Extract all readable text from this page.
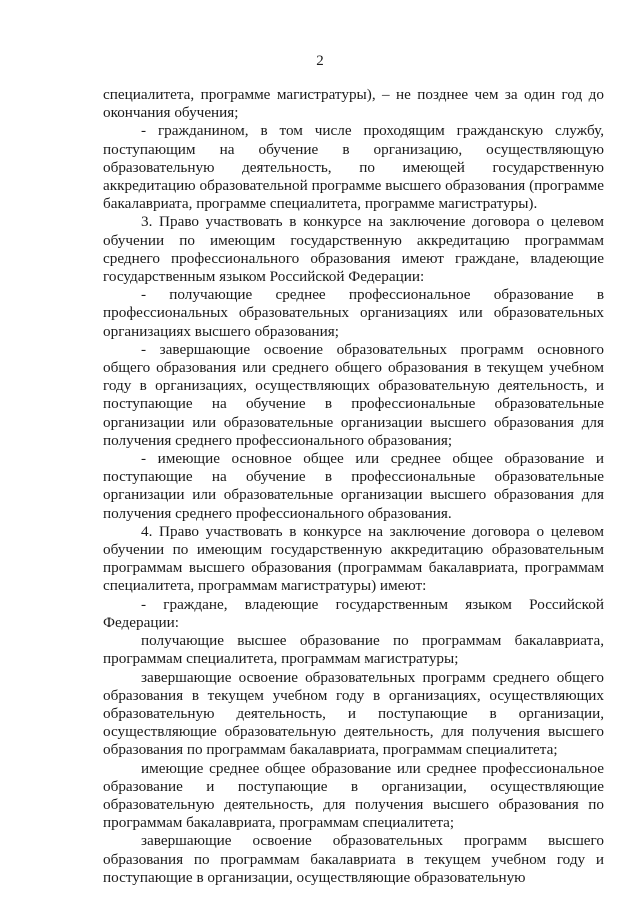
2

специалитета, программе магистратуры), – не позднее чем за один год до окончания обучения;

- гражданином, в том числе проходящим гражданскую службу, поступающим на обучение в организацию, осуществляющую образовательную деятельность, по имеющей государственную аккредитацию образовательной программе высшего образования (программе бакалавриата, программе специалитета, программе магистратуры).

3. Право участвовать в конкурсе на заключение договора о целевом обучении по имеющим государственную аккредитацию программам среднего профессионального образования имеют граждане, владеющие государственным языком Российской Федерации:

- получающие среднее профессиональное образование в профессиональных образовательных организациях или образовательных организациях высшего образования;

- завершающие освоение образовательных программ основного общего образования или среднего общего образования в текущем учебном году в организациях, осуществляющих образовательную деятельность, и поступающие на обучение в профессиональные образовательные организации или образовательные организации высшего образования для получения среднего профессионального образования;

- имеющие основное общее или среднее общее образование и поступающие на обучение в профессиональные образовательные организации или образовательные организации высшего образования для получения среднего профессионального образования.

4. Право участвовать в конкурсе на заключение договора о целевом обучении по имеющим государственную аккредитацию образовательным программам высшего образования (программам бакалавриата, программам специалитета, программам магистратуры) имеют:

- граждане, владеющие государственным языком Российской Федерации:

получающие высшее образование по программам бакалавриата, программам специалитета, программам магистратуры;

завершающие освоение образовательных программ среднего общего образования в текущем учебном году в организациях, осуществляющих образовательную деятельность, и поступающие в организации, осуществляющие образовательную деятельность, для получения высшего образования по программам бакалавриата, программам специалитета;

имеющие среднее общее образование или среднее профессиональное образование и поступающие в организации, осуществляющие образовательную деятельность, для получения высшего образования по программам бакалавриата, программам специалитета;

завершающие освоение образовательных программ высшего образования по программам бакалавриата в текущем учебном году и поступающие в организации, осуществляющие образовательную
